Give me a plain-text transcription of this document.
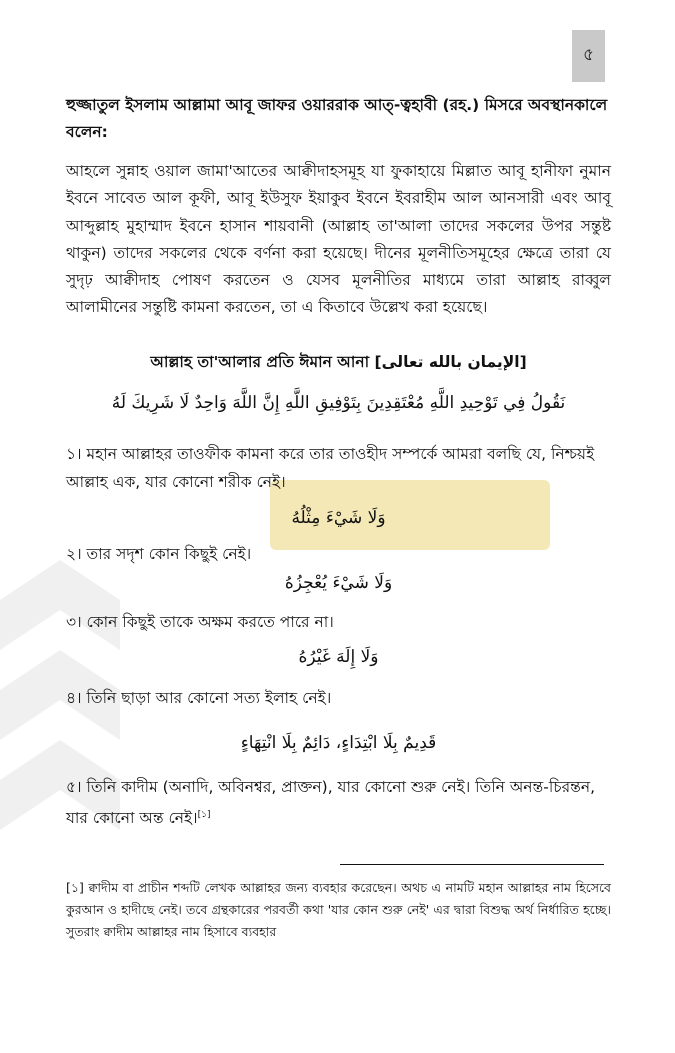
৫
হুজ্জাতুল ইসলাম আল্লামা আবূ জাফর ওয়াররাক আত্‌-ত্বহাবী (রহ.) মিসরে অবস্থানকালে বলেন:
আহলে সুন্নাহ ওয়াল জামা'আতের আক্বীদাহসমূহ যা ফুকাহায়ে মিল্লাত আবূ হানীফা নুমান ইবনে সাবেত আল কূফী, আবূ ইউসুফ ইয়াকুব ইবনে ইবরাহীম আল আনসারী এবং আবূ আব্দুল্লাহ মুহাম্মাদ ইবনে হাসান শায়বানী (আল্লাহ তা'আলা তাদের সকলের উপর সন্তুষ্ট থাকুন) তাদের সকলের থেকে বর্ণনা করা হয়েছে। দীনের মূলনীতিসমূহের ক্ষেত্রে তারা যে সুদৃঢ় আক্বীদাহ পোষণ করতেন ও যেসব মূলনীতির মাধ্যমে তারা আল্লাহ রাব্বুল আলামীনের সন্তুষ্টি কামনা করতেন, তা এ কিতাবে উল্লেখ করা হয়েছে।
আল্লাহ তা'আলার প্রতি ঈমান আনা [الإيمان بالله تعالى]
نَقُولُ فِي تَوْحِيدِ اللَّهِ مُعْتَقِدِينَ بِتَوْفِيقِ اللَّهِ إِنَّ اللَّهَ وَاحِدٌ لَا شَرِيكَ لَهُ
১। মহান আল্লাহর তাওফীক কামনা করে তার তাওহীদ সম্পর্কে আমরা বলছি যে, নিশ্চয়ই আল্লাহ এক, যার কোনো শরীক নেই।
وَلَا شَيْءَ مِثْلُهُ
২। তার সদৃশ কোন কিছুই নেই।
وَلَا شَيْءَ يُعْجِزُهُ
৩। কোন কিছুই তাকে অক্ষম করতে পারে না।
وَلَا إِلَهَ غَيْرُهُ
৪। তিনি ছাড়া আর কোনো সত্য ইলাহ নেই।
قَدِيمٌ بِلَا ابْتِدَاءٍ، دَائِمٌ بِلَا انْتِهَاءٍ
৫। তিনি কাদীম (অনাদি, অবিনশ্বর, প্রাক্তন), যার কোনো শুরু নেই। তিনি অনন্ত-চিরন্তন, যার কোনো অন্ত নেই।[১]
[১] ক্বাদীম বা প্রাচীন শব্দটি লেখক আল্লাহর জন্য ব্যবহার করেছেন। অথচ এ নামটি মহান আল্লাহর নাম হিসেবে কুরআন ও হাদীছে নেই। তবে গ্রন্থকারের পরবর্তী কথা 'যার কোন শুরু নেই' এর দ্বারা বিশুদ্ধ অর্থ নির্ধারিত হচ্ছে। সুতরাং ক্বাদীম আল্লাহর নাম হিসাবে ব্যবহার
